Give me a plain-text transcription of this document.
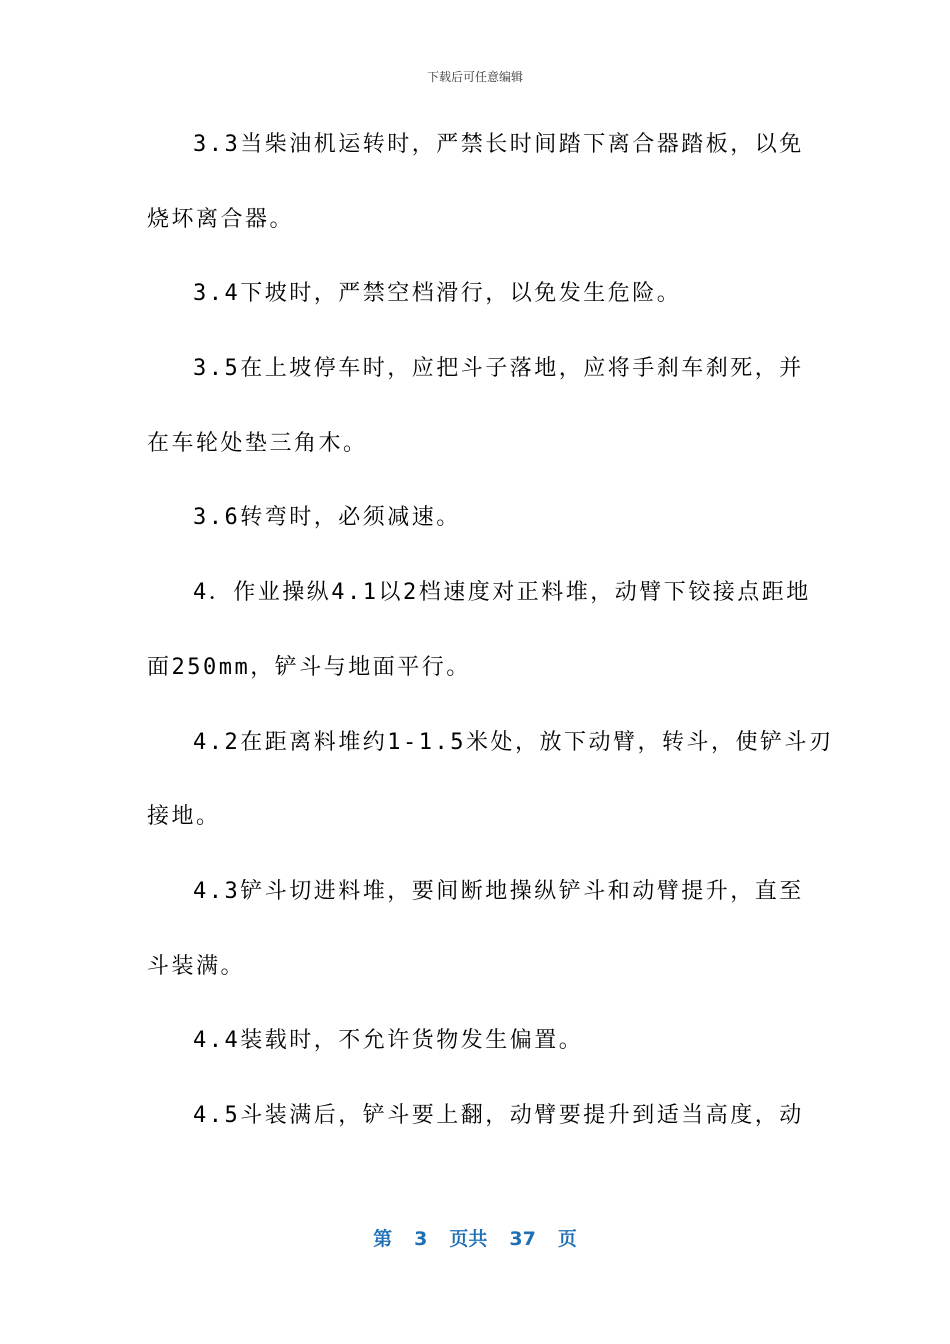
下载后可任意编辑
3.3当柴油机运转时，严禁长时间踏下离合器踏板，以免
烧坏离合器。
3.4下坡时，严禁空档滑行，以免发生危险。
3.5在上坡停车时，应把斗子落地，应将手刹车刹死，并
在车轮处垫三角木。
3.6转弯时，必须减速。
4．作业操纵4.1以2档速度对正料堆，动臂下铰接点距地
面250mm，铲斗与地面平行。
4.2在距离料堆约1-1.5米处，放下动臂，转斗，使铲斗刃
接地。
4.3铲斗切进料堆，要间断地操纵铲斗和动臂提升，直至
斗装满。
4.4装载时，不允许货物发生偏置。
4.5斗装满后，铲斗要上翻，动臂要提升到适当高度，动
第 3 页共 37 页
